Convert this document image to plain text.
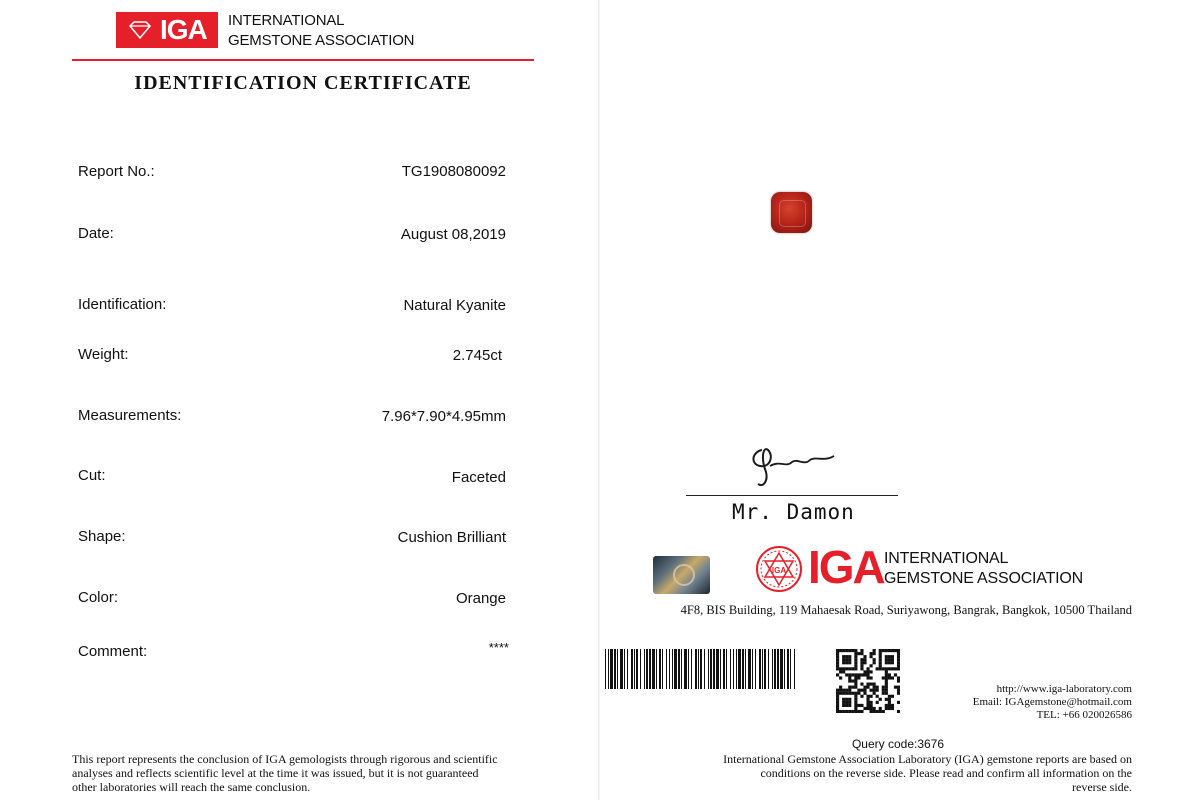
IGA INTERNATIONAL
GEMSTONE ASSOCIATION
IDENTIFICATION CERTIFICATE
Report No.:	TG1908080092
Date:	August 08,2019
Identification:	Natural Kyanite
Weight:	2.745ct
Measurements:	7.96*7.90*4.95mm
Cut:	Faceted
Shape:	Cushion Brilliant
Color:	Orange
Comment:	****
This report represents the conclusion of IGA gemologists through rigorous and scientific
analyses and reflects scientific level at the time it was issued, but it is not guaranteed
other laboratories will reach the same conclusion.
Mr. Damon
IGA IGA INTERNATIONAL
GEMSTONE ASSOCIATION
4F8, BIS Building, 119 Mahaesak Road, Suriyawong, Bangrak, Bangkok, 10500 Thailand
http://www.iga-laboratory.com
Email: IGAgemstone@hotmail.com
TEL: +66 020026586
Query code:3676
International Gemstone Association Laboratory (IGA) gemstone reports are based on
conditions on the reverse side. Please read and confirm all information on the
reverse side.
